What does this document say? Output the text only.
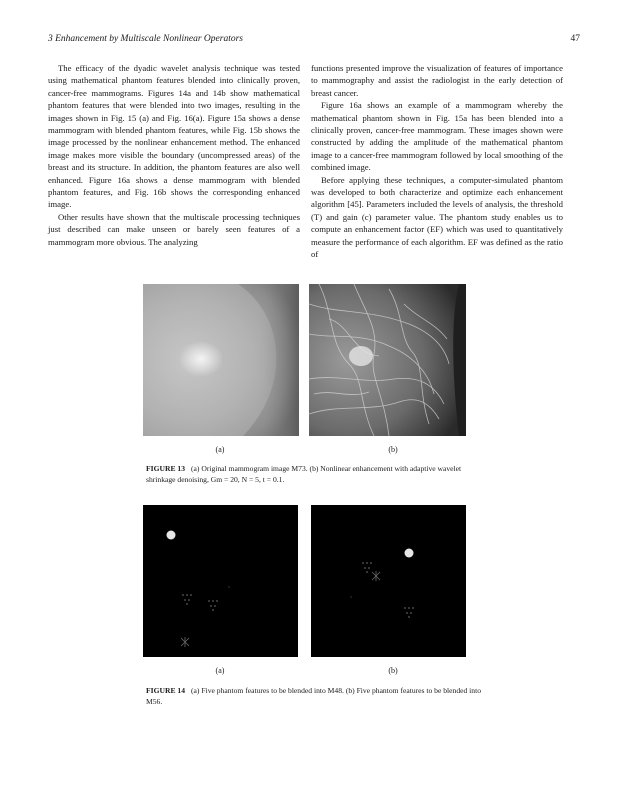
3 Enhancement by Multiscale Nonlinear Operators	47

The efficacy of the dyadic wavelet analysis technique was tested using mathematical phantom features blended into clinically proven, cancer-free mammograms. Figures 14a and 14b show mathematical phantom features that were blended into two images, resulting in the images shown in Fig. 15 (a) and Fig. 16(a). Figure 15a shows a dense mammogram with blended phantom features, while Fig. 15b shows the image processed by the nonlinear enhancement method. The enhanced image makes more visible the boundary (uncompressed areas) of the breast and its structure. In addition, the phantom features are also well enhanced. Figure 16a shows a dense mammogram with blended phantom features, and Fig. 16b shows the corresponding enhanced image.

Other results have shown that the multiscale processing techniques just described can make unseen or barely seen features of a mammogram more obvious. The analyzing

functions presented improve the visualization of features of importance to mammography and assist the radiologist in the early detection of breast cancer.

Figure 16a shows an example of a mammogram whereby the mathematical phantom shown in Fig. 15a has been blended into a clinically proven, cancer-free mammogram. These images shown were constructed by adding the amplitude of the mathematical phantom image to a cancer-free mammogram followed by local smoothing of the combined image.

Before applying these techniques, a computer-simulated phantom was developed to both characterize and optimize each enhancement algorithm [45]. Parameters included the levels of analysis, the threshold (T) and gain (c) parameter value. The phantom study enables us to compute an enhancement factor (EF) which was used to quantitatively measure the performance of each algorithm. EF was defined as the ratio of

(a)	(b)
FIGURE 13 (a) Original mammogram image M73. (b) Nonlinear enhancement with adaptive wavelet shrinkage denoising, Gm = 20, N = 5, t = 0.1.
(a)	(b)
FIGURE 14 (a) Five phantom features to be blended into M48. (b) Five phantom features to be blended into M56.
